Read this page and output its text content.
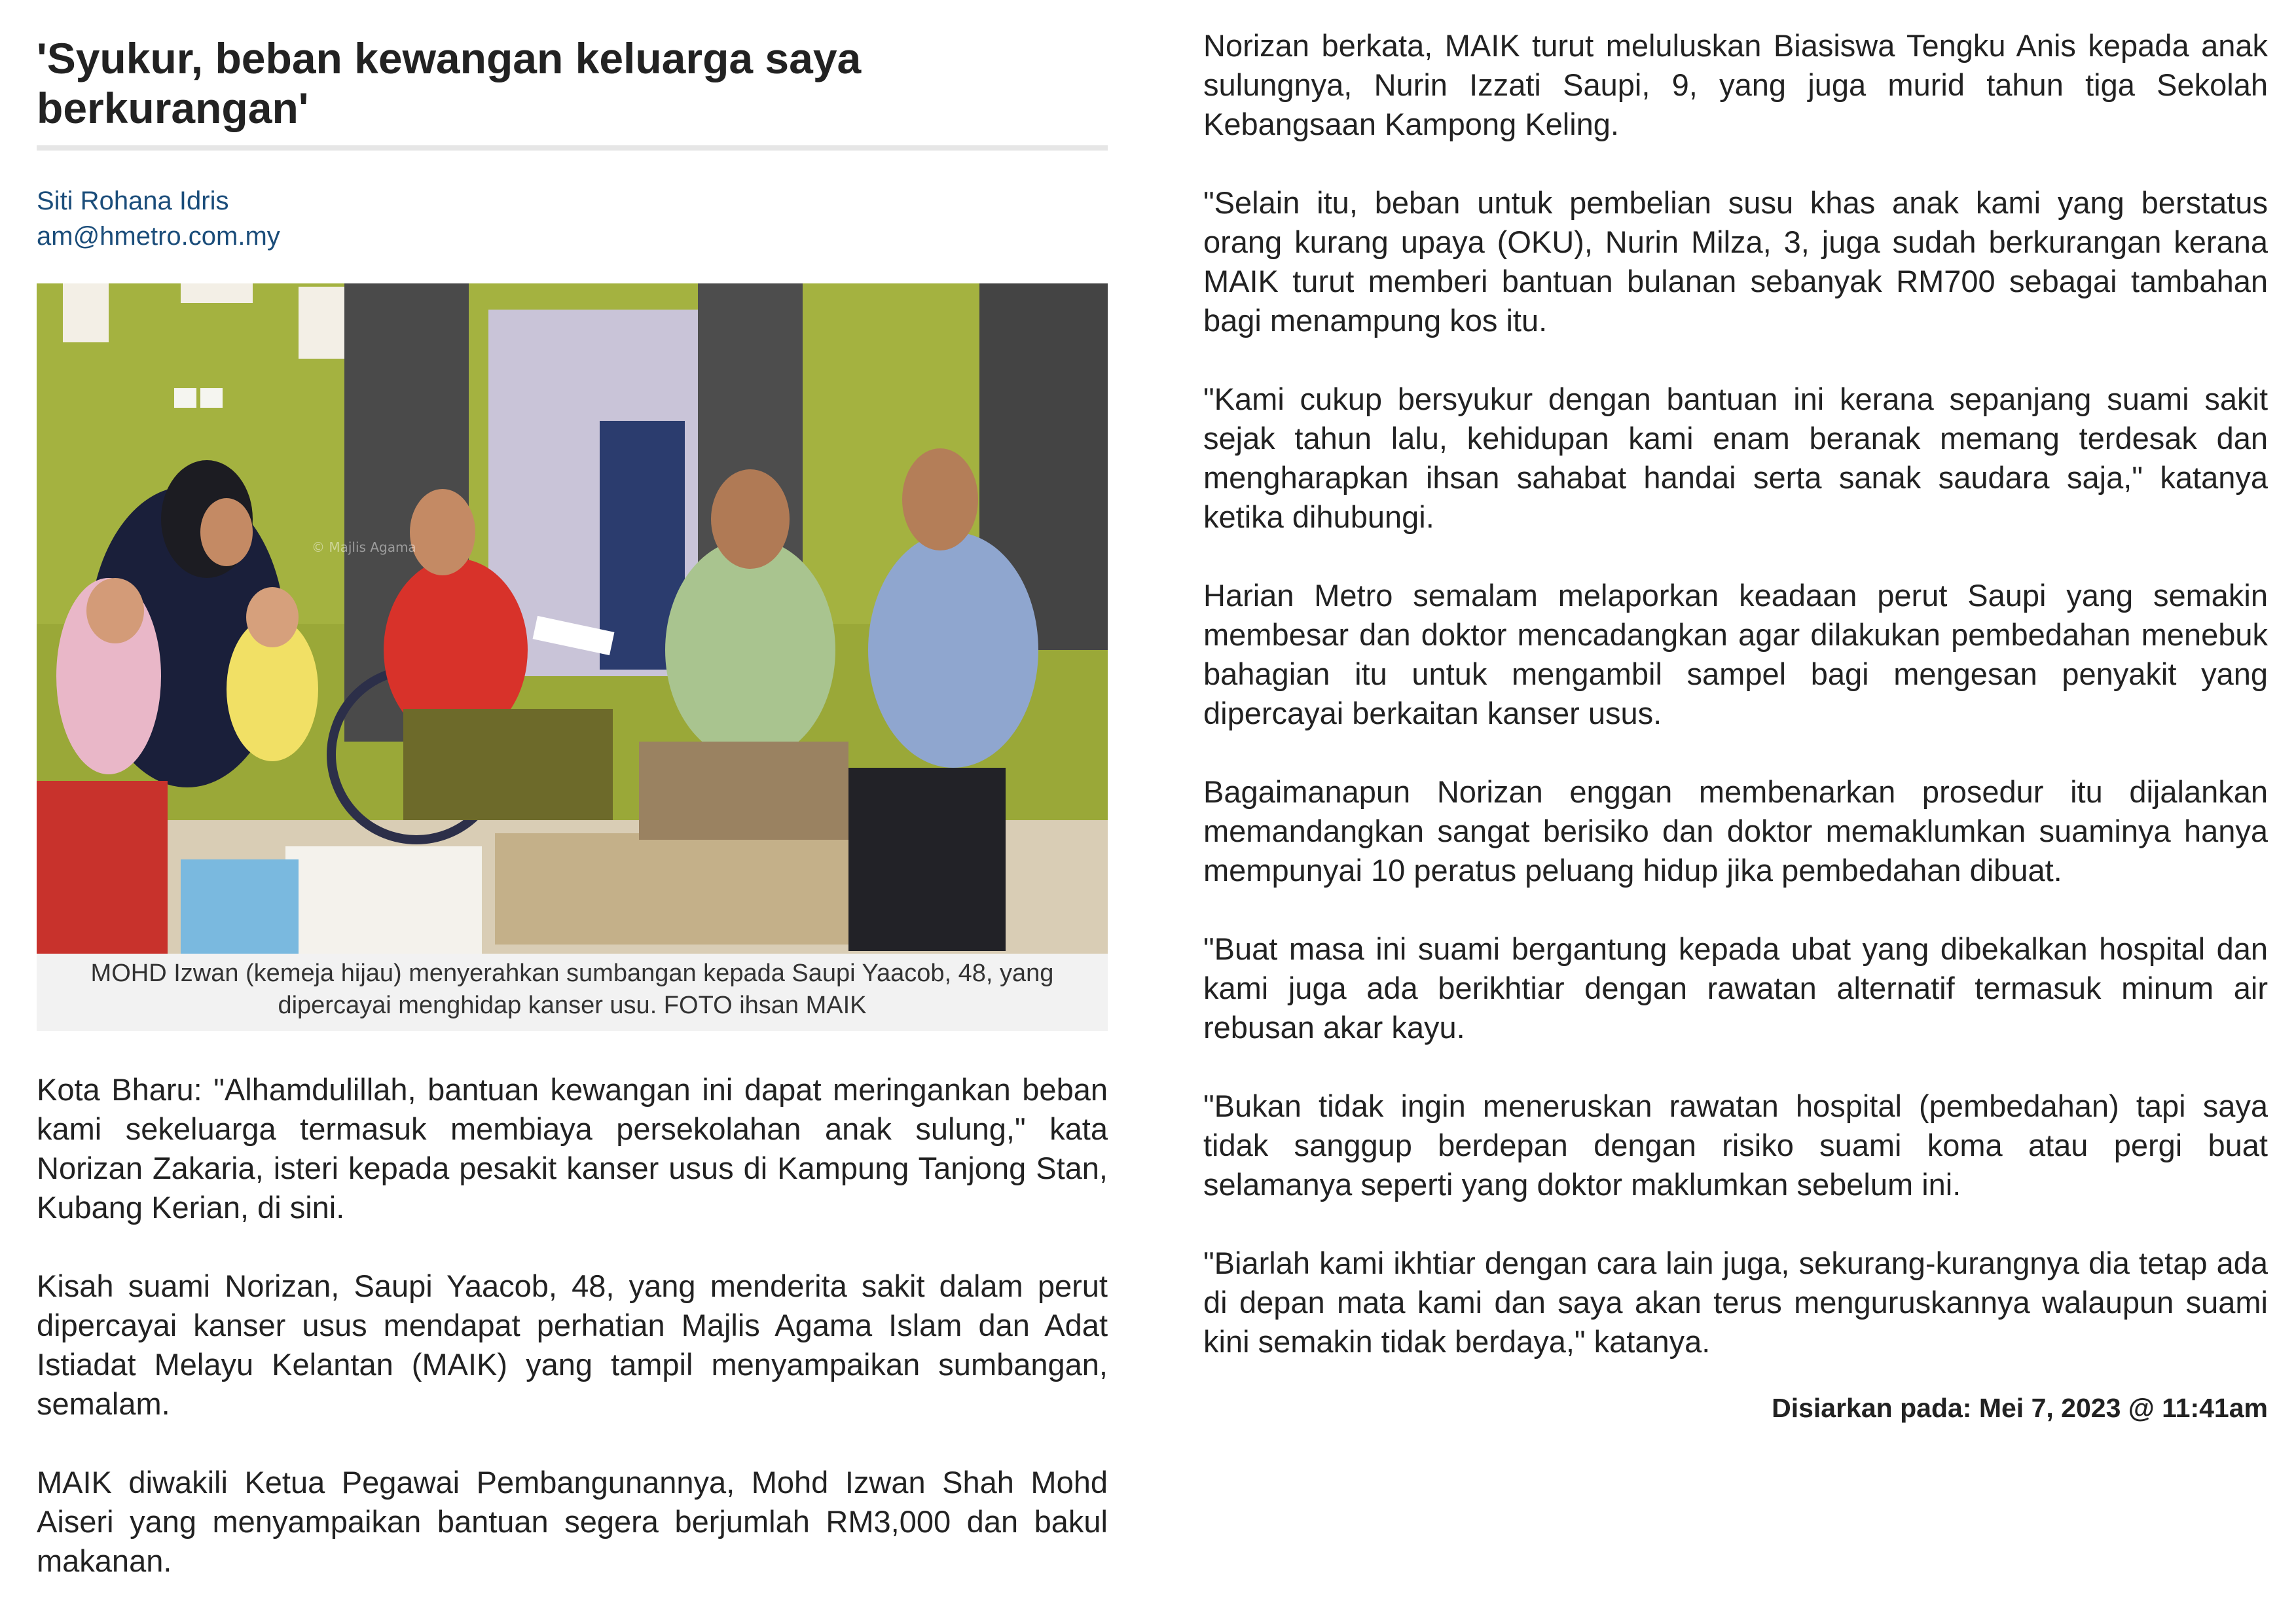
'Syukur, beban kewangan keluarga saya berkurangan'
Siti Rohana Idris
am@hmetro.com.my
© Majlis Agama
MOHD Izwan (kemeja hijau) menyerahkan sumbangan kepada Saupi Yaacob, 48, yang dipercayai menghidap kanser usu. FOTO ihsan MAIK

Kota Bharu: "Alhamdulillah, bantuan kewangan ini dapat meringankan beban kami sekeluarga termasuk membiaya persekolahan anak sulung," kata Norizan Zakaria, isteri kepada pesakit kanser usus di Kampung Tanjong Stan, Kubang Kerian, di sini.

Kisah suami Norizan, Saupi Yaacob, 48, yang menderita sakit dalam perut dipercayai kanser usus mendapat perhatian Majlis Agama Islam dan Adat Istiadat Melayu Kelantan (MAIK) yang tampil menyampaikan sumbangan, semalam.

MAIK diwakili Ketua Pegawai Pembangunannya, Mohd Izwan Shah Mohd Aiseri yang menyampaikan bantuan segera berjumlah RM3,000 dan bakul makanan.

Norizan berkata, MAIK turut meluluskan Biasiswa Tengku Anis kepada anak sulungnya, Nurin Izzati Saupi, 9, yang juga murid tahun tiga Sekolah Kebangsaan Kampong Keling.

"Selain itu, beban untuk pembelian susu khas anak kami yang berstatus orang kurang upaya (OKU), Nurin Milza, 3, juga sudah berkurangan kerana MAIK turut memberi bantuan bulanan sebanyak RM700 sebagai tambahan bagi menampung kos itu.

"Kami cukup bersyukur dengan bantuan ini kerana sepanjang suami sakit sejak tahun lalu, kehidupan kami enam beranak memang terdesak dan mengharapkan ihsan sahabat handai serta sanak saudara saja," katanya ketika dihubungi.

Harian Metro semalam melaporkan keadaan perut Saupi yang semakin membesar dan doktor mencadangkan agar dilakukan pembedahan menebuk bahagian itu untuk mengambil sampel bagi mengesan penyakit yang dipercayai berkaitan kanser usus.

Bagaimanapun Norizan enggan membenarkan prosedur itu dijalankan memandangkan sangat berisiko dan doktor memaklumkan suaminya hanya mempunyai 10 peratus peluang hidup jika pembedahan dibuat.

"Buat masa ini suami bergantung kepada ubat yang dibekalkan hospital dan kami juga ada berikhtiar dengan rawatan alternatif termasuk minum air rebusan akar kayu.

"Bukan tidak ingin meneruskan rawatan hospital (pembedahan) tapi saya tidak sanggup berdepan dengan risiko suami koma atau pergi buat selamanya seperti yang doktor maklumkan sebelum ini.

"Biarlah kami ikhtiar dengan cara lain juga, sekurang-kurangnya dia tetap ada di depan mata kami dan saya akan terus menguruskannya walaupun suami kini semakin tidak berdaya," katanya.

Disiarkan pada: Mei 7, 2023 @ 11:41am
